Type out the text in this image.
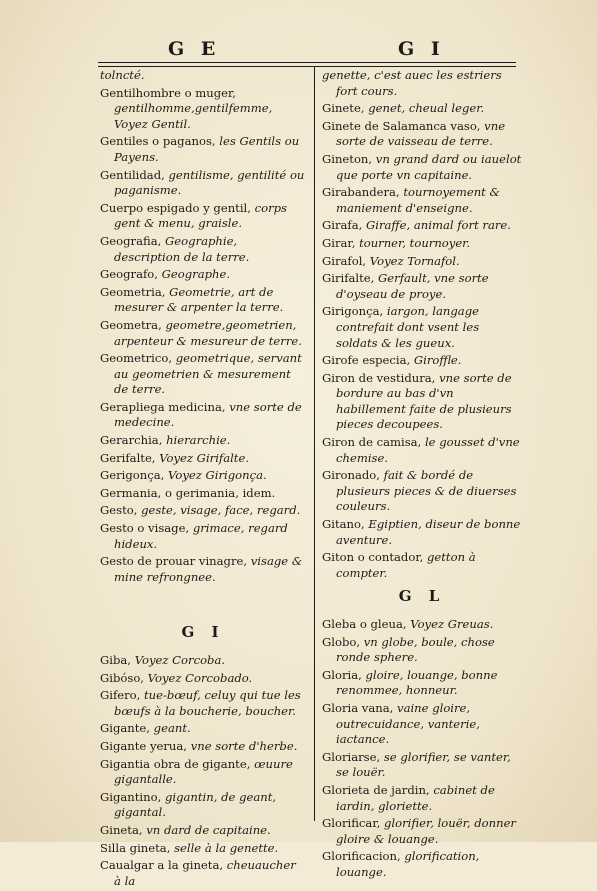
G E	G I
tolncté.
Gentilhombre o muger, gentilhomme,gentilfemme, Voyez Gentil.
Gentiles o paganos, les Gentils ou Payens.
Gentilidad, gentilisme, gentilité ou paganisme.
Cuerpo espigado y gentil, corps gent & menu, graisle.
Geografia, Geographie, description de la terre.
Geografo, Geographe.
Geometria, Geometrie, art de mesurer & arpenter la terre.
Geometra, geometre,geometrien, arpenteur & mesureur de terre.
Geometrico, geometrique, servant au geometrien & mesurement de terre.
Gerapliega medicina, vne sorte de medecine.
Gerarchia, hierarchie.
Gerifalte, Voyez Girifalte.
Gerigonça, Voyez Girigonça.
Germania, o gerimania, idem.
Gesto, geste, visage, face, regard.
Gesto o visage, grimace, regard hideux.
Gesto de prouar vinagre, visage & mine refrongnee.
G I
Giba, Voyez Corcoba.
Gibóso, Voyez Corcobado.
Gifero, tue-bœuf, celuy qui tue les bœufs à la boucherie, boucher.
Gigante, geant.
Gigante yerua, vne sorte d'herbe.
Gigantia obra de gigante, œuure gigantalle.
Gigantino, gigantin, de geant, gigantal.
Gineta, vn dard de capitaine.
Silla gineta, selle à la genette.
Caualgar a la gineta, cheuaucher à la
genette, c'est auec les estriers fort cours.
Ginete, genet, cheual leger.
Ginete de Salamanca vaso, vne sorte de vaisseau de terre.
Gineton, vn grand dard ou iauelot que porte vn capitaine.
Girabandera, tournoyement & maniement d'enseigne.
Girafa, Giraffe, animal fort rare.
Girar, tourner, tournoyer.
Girafol, Voyez Tornafol.
Girifalte, Gerfault, vne sorte d'oyseau de proye.
Girigonça, iargon, langage contrefait dont vsent les soldats & les gueux.
Girofe especia, Giroffle.
Giron de vestidura, vne sorte de bordure au bas d'vn habillement faite de plusieurs pieces decoupees.
Giron de camisa, le gousset d'vne chemise.
Gironado, fait & bordé de plusieurs pieces & de diuerses couleurs.
Gitano, Egiptien, diseur de bonne aventure.
Giton o contador, getton à compter.
G L
Gleba o gleua, Voyez Greuas.
Globo, vn globe, boule, chose ronde sphere.
Gloria, gloire, louange, bonne renommee, honneur.
Gloria vana, vaine gloire, outrecuidance, vanterie, iactance.
Gloriarse, se glorifier, se vanter, se louër.
Glorieta de jardin, cabinet de iardin, gloriette.
Glorificar, glorifier, louër, donner gloire & louange.
Glorificacion, glorification, louange.
